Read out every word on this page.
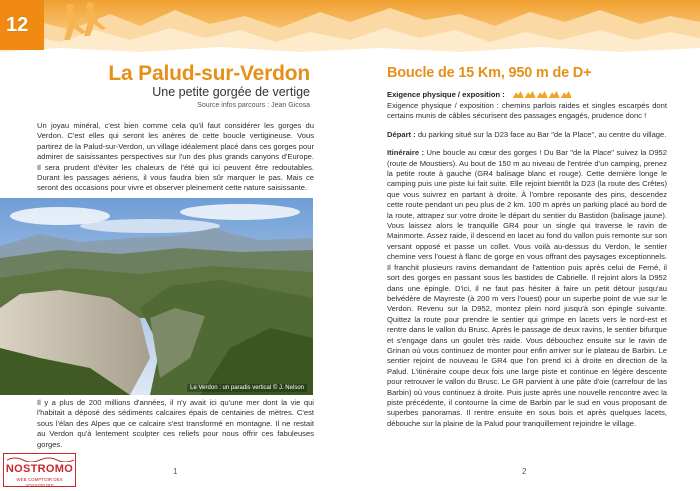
12
La Palud-sur-Verdon
Une petite gorgée de vertige
Source infos parcours : Jean Gicosa

Un joyau minéral, c'est bien comme cela qu'il faut considérer les gorges du Verdon. C'est elles qui seront les anères de cette boucle vertigineuse. Vous partirez de la Palud-sur-Verdon, un village idéalement placé dans ces gorges pour admirer de saisissantes perspectives sur l'un des plus grands canyons d'Europe. Il sera prudent d'éviter les chaleurs de l'été qui ici peuvent être redoutables. Durant les passages aériens, il vous faudra bien sûr marquer le pas. Mais ce seront des occasions pour vivre et observer pleinement cette nature saisissante.

Le Verdon : un paradis vertical © J. Nelson

Il y a plus de 200 millions d'années, il n'y avait ici qu'une mer dont la vie qui l'habitait a déposé des sédiments calcaires épais de centaines de mètres. C'est sous l'élan des Alpes que ce calcaire s'est transformé en montagne. Il ne restait au Verdon qu'à lentement sculpter ces reliefs pour nous offrir ces fabuleuses gorges.

Boucle de 15 Km, 950 m de D+
Exigence physique / exposition :

Exigence physique / exposition : chemins parfois raides et singles escarpés dont certains munis de câbles sécurisent des passages engagés, prudence donc !

Départ : du parking situé sur la D23 face au Bar "de la Place", au centre du village.

Itinéraire : Une boucle au cœur des gorges ! Du Bar "de la Place" suivez la D952 (route de Moustiers). Au bout de 150 m au niveau de l'entrée d'un camping, prenez la petite route à gauche (GR4 balisage blanc et rouge). Cette dernière longe le camping puis une piste lui fait suite. Elle rejoint bientôt la D23 (la route des Crêtes) que vous suivrez en partant à droite. À l'ombre reposante des pins, descendez cette route pendant un peu plus de 2 km. 100 m après un parking placé au bord de la route, attrapez sur votre droite le départ du sentier du Bastidon (balisage jaune). Vous laissez alors le tranquille GR4 pour un single qui traverse le ravin de Mainmorte. Assez raide, il descend en lacet au fond du vallon puis remonte sur son versant opposé et passe un collet. Vous voilà au-dessus du Verdon, le sentier chemine vers l'ouest à flanc de gorge en vous offrant des paysages exceptionnels. Il franchit plusieurs ravins demandant de l'attention puis après celui de Ferné, il sort des gorges en passant sous les bastides de Cabrielle. Il rejoint alors la D952 dans une épingle. D'ici, il ne faut pas hésiter à faire un petit détour jusqu'au belvédère de Mayreste (à 200 m vers l'ouest) pour un superbe point de vue sur le Verdon. Revenu sur la D952, montez plein nord jusqu'à son épingle suivante. Quittez la route pour prendre le sentier qui grimpe en lacets vers le nord-est et rentre dans le vallon du Brusc. Après le passage de deux ravins, le sentier bifurque et s'engage dans un goulet très raide. Vous débouchez ensuite sur le ravin de Grinan où vous continuez de monter pour enfin arriver sur le plateau de Barbin. Le sentier rejoint de nouveau le GR4 que l'on prend ici à droite en direction de la Palud. L'itinéraire coupe deux fois une large piste et continue en légère descente pour retrouver le vallon du Brusc. Le GR parvient à une pâte d'oie (carrefour de las Barbin) où vous continuez à droite. Puis juste après une nouvelle rencontre avec la piste précédente, il contourne la cime de Barbin par le sud en vous proposant de superbes panoramas. Il rentre ensuite en sous bois et après quelques lacets, débouche sur la plaine de la Palud pour tranquillement rejoindre le village.

1	2
NOSTROMO
WEB COMPTOIR DES VOYAGEURS
